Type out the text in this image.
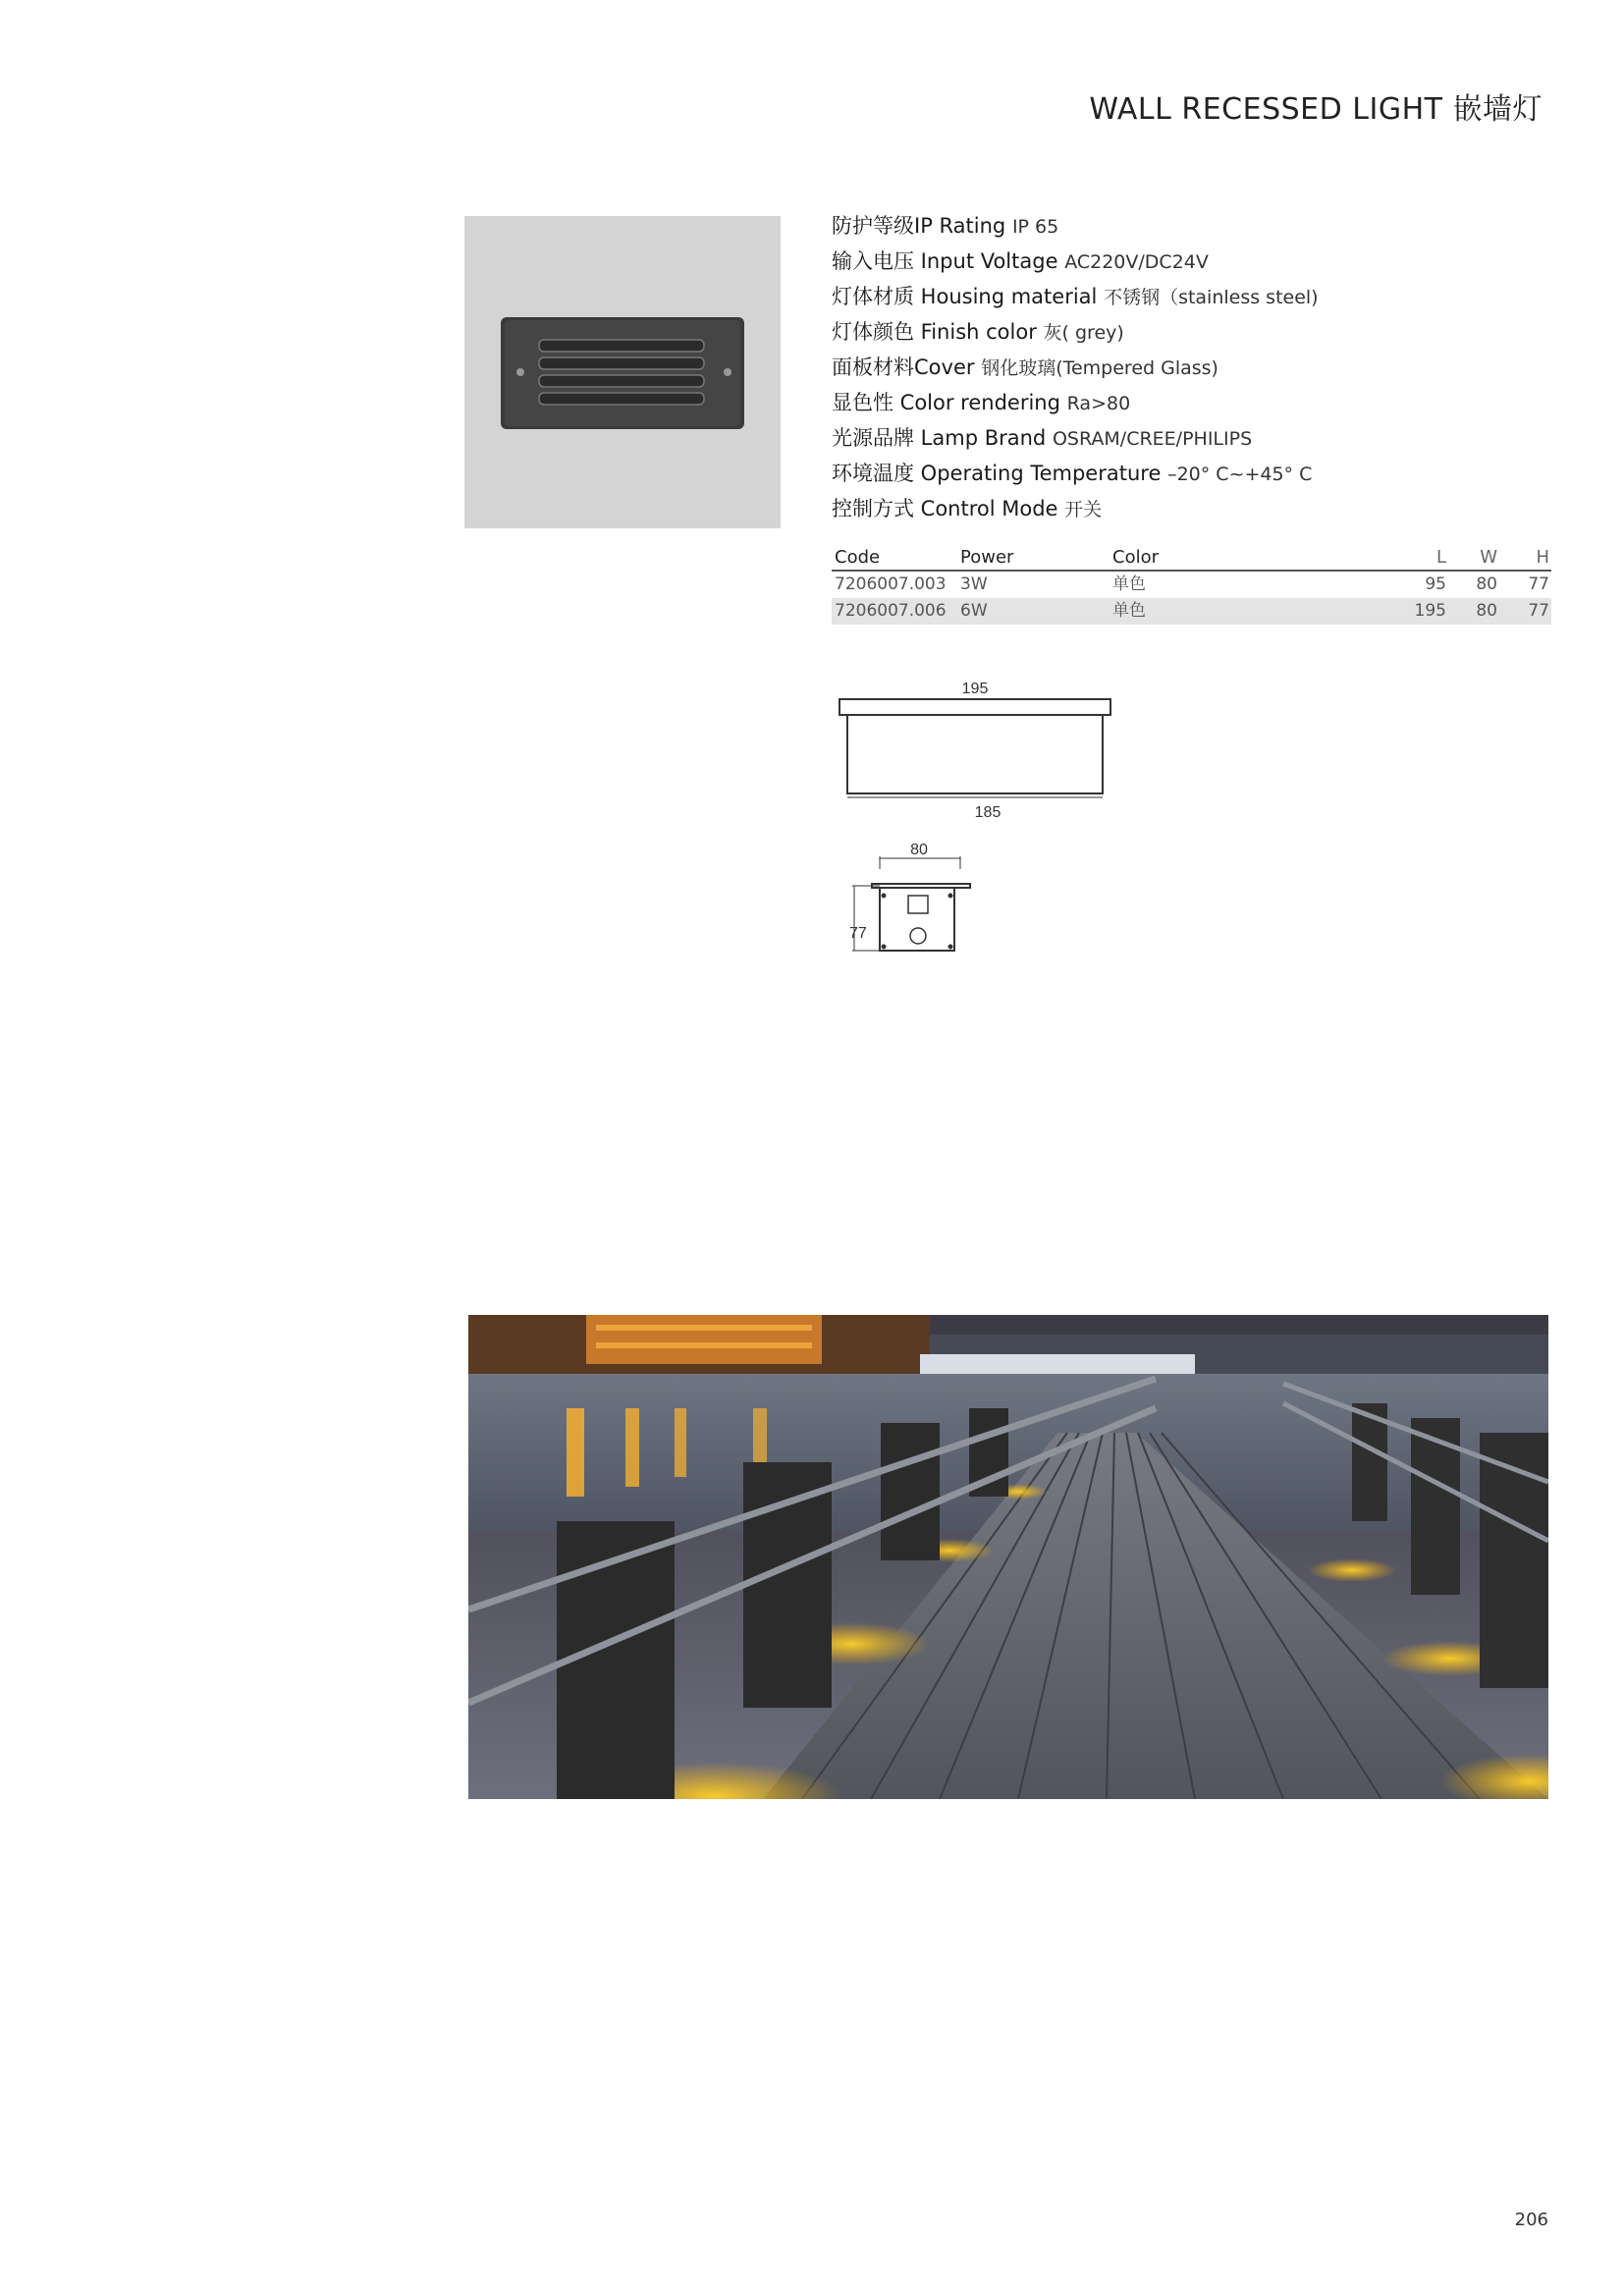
WALL RECESSED LIGHT 嵌墙灯
防护等级IP Rating IP 65
输入电压 Input Voltage AC220V/DC24V
灯体材质 Housing material 不锈钢（stainless steel)
灯体颜色 Finish color 灰( grey)
面板材料Cover 钢化玻璃(Tempered Glass)
显色性 Color rendering Ra>80
光源品牌 Lamp Brand OSRAM/CREE/PHILIPS
环境温度 Operating Temperature –20° C~+45° C
控制方式 Control Mode 开关
Code	Power	Color	L	W	H
7206007.003 3W	单色	95	80	77
7206007.006 6W	单色	195	80	77
195
185
80
77
206
